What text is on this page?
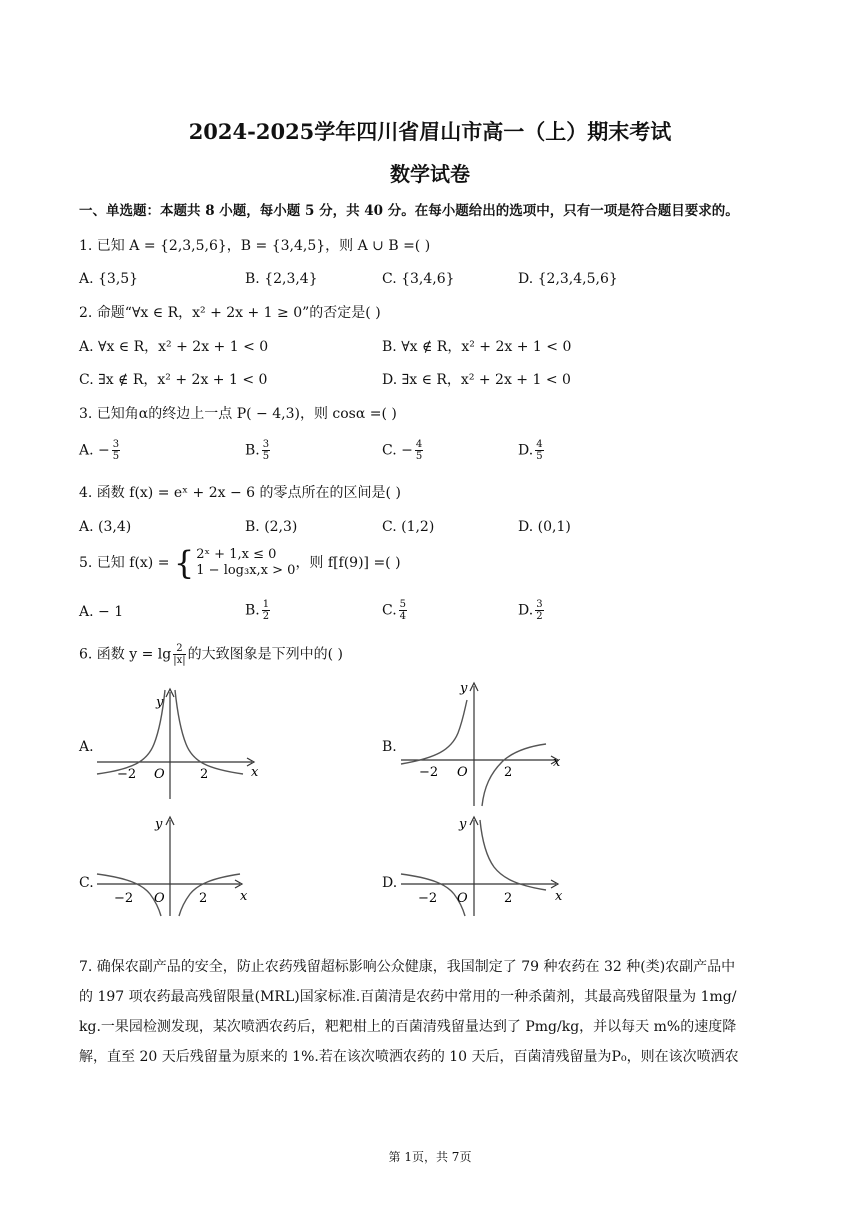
2024-2025学年四川省眉山市高一（上）期末考试
数学试卷
一、单选题：本题共 8 小题，每小题 5 分，共 40 分。在每小题给出的选项中，只有一项是符合题目要求的。
1. 已知 A = {2,3,5,6}，B = {3,4,5}，则 A ∪ B =( )
A. {3,5}	B. {2,3,4}	C. {3,4,6}	D. {2,3,4,5,6}
2. 命题“∀x ∈ R，x² + 2x + 1 ≥ 0”的否定是( )
A. ∀x ∈ R，x² + 2x + 1 < 0	B. ∀x ∉ R，x² + 2x + 1 < 0
C. ∃x ∉ R，x² + 2x + 1 < 0	D. ∃x ∈ R，x² + 2x + 1 < 0
3. 已知角α的终边上一点 P( − 4,3)，则 cosα =( )
A. − $\frac{3}{5}$	B. $\frac{3}{5}$	C. − $\frac{4}{5}$	D. $\frac{4}{5}$
4. 函数 f(x) = eˣ + 2x − 6 的零点所在的区间是( )
A. (3,4)	B. (2,3)	C. (1,2)	D. (0,1)
5. 已知 f(x) = { 2ˣ + 1,x ≤ 0
1 − log₃x,x > 0 ，则 f[f(9)] =( )
A. − 1	B. $\frac{1}{2}$	C. $\frac{5}{4}$	D. $\frac{3}{2}$
6. 函数 $y = \lg \frac{2}{|x|}$ 的大致图象是下列中的( )
A.
y
x
O
−2	2
B.
y
x
O
−2	2
C.
y
x
O
−2	2
D.
y
x
O
−2	2
7. 确保农副产品的安全，防止农药残留超标影响公众健康，我国制定了 79 种农药在 32 种(类)农副产品中
的 197 项农药最高残留限量(MRL)国家标准.百菌清是农药中常用的一种杀菌剂，其最高残留限量为 1mg/
kg.一果园检测发现，某次喷洒农药后，粑粑柑上的百菌清残留量达到了 Pmg/kg，并以每天 m%的速度降
解，直至 20 天后残留量为原来的 1%.若在该次喷洒农药的 10 天后，百菌清残留量为P₀，则在该次喷洒农
第 1页，共 7页
